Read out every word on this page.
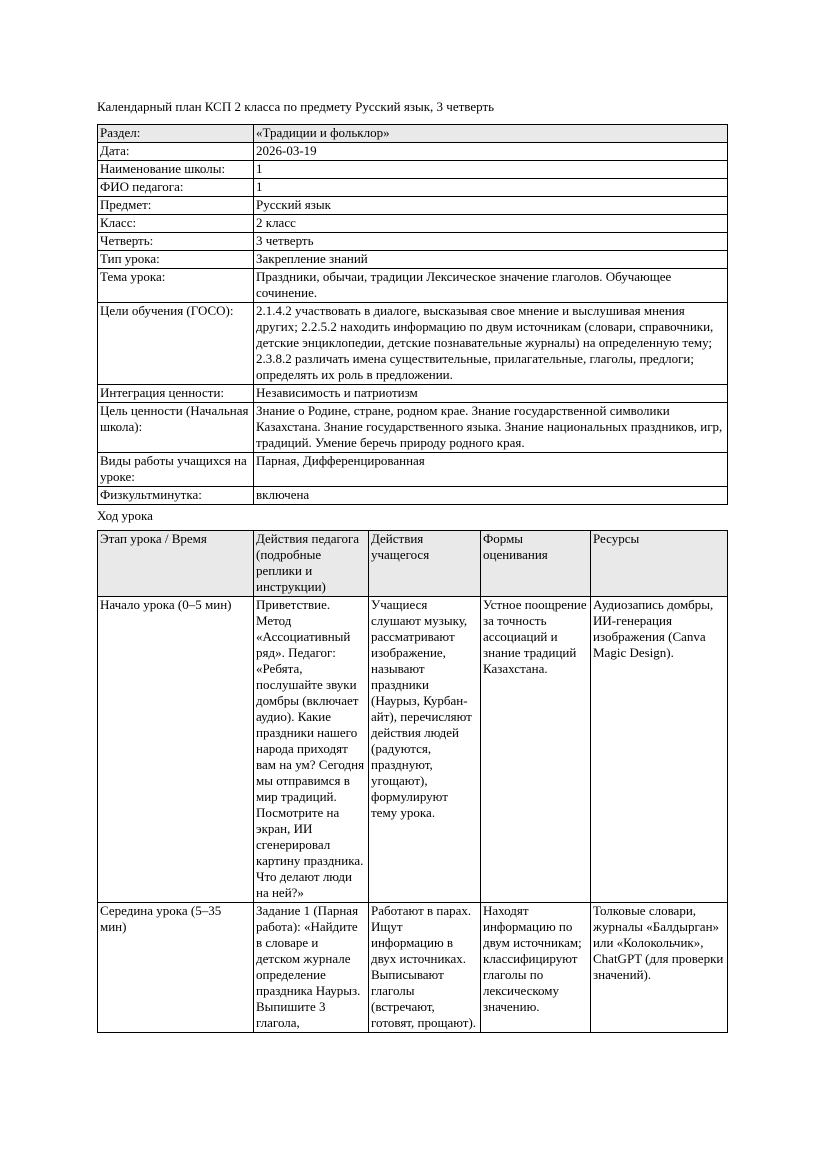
Календарный план КСП 2 класса по предмету Русский язык, 3 четверть
Раздел:	«Традиции и фольклор»
Дата:	2026-03-19
Наименование школы:	1
ФИО педагога:	1
Предмет:	Русский язык
Класс:	2 класс
Четверть:	3 четверть
Тип урока:	Закрепление знаний
Тема урока:	Праздники, обычаи, традиции Лексическое значение глаголов. Обучающее сочинение.
Цели обучения (ГОСО):	2.1.4.2 участвовать в диалоге, высказывая свое мнение и выслушивая мнения других; 2.2.5.2 находить информацию по двум источникам (словари, справочники, детские энциклопедии, детские познавательные журналы) на определенную тему; 2.3.8.2 различать имена существительные, прилагательные, глаголы, предлоги; определять их роль в предложении.
Интеграция ценности:	Независимость и патриотизм
Цель ценности (Начальная школа):	Знание о Родине, стране, родном крае. Знание государственной символики Казахстана. Знание государственного языка. Знание национальных праздников, игр, традиций. Умение беречь природу родного края.
Виды работы учащихся на уроке:	Парная, Дифференцированная
Физкультминутка:	включена
Ход урока
Этап урока / Время	Действия педагога (подробные реплики и инструкции)	Действия учащегося	Формы оценивания	Ресурсы
Начало урока (0–5 мин)	Приветствие. Метод «Ассоциативный ряд». Педагог: «Ребята, послушайте звуки домбры (включает аудио). Какие праздники нашего народа приходят вам на ум? Сегодня мы отправимся в мир традиций. Посмотрите на экран, ИИ сгенерировал картину праздника. Что делают люди на ней?»	Учащиеся слушают музыку, рассматривают изображение, называют праздники (Наурыз, Курбан-айт), перечисляют действия людей (радуются, празднуют, угощают), формулируют тему урока.	Устное поощрение за точность ассоциаций и знание традиций Казахстана.	Аудиозапись домбры, ИИ-генерация изображения (Canva Magic Design).
Середина урока (5–35 мин)	Задание 1 (Парная работа): «Найдите в словаре и детском журнале определение праздника Наурыз. Выпишите 3 глагола,	Работают в парах. Ищут информацию в двух источниках. Выписывают глаголы (встречают, готовят, прощают).	Находят информацию по двум источникам; классифицируют глаголы по лексическому значению.	Толковые словари, журналы «Балдырган» или «Колокольчик», ChatGPT (для проверки значений).
